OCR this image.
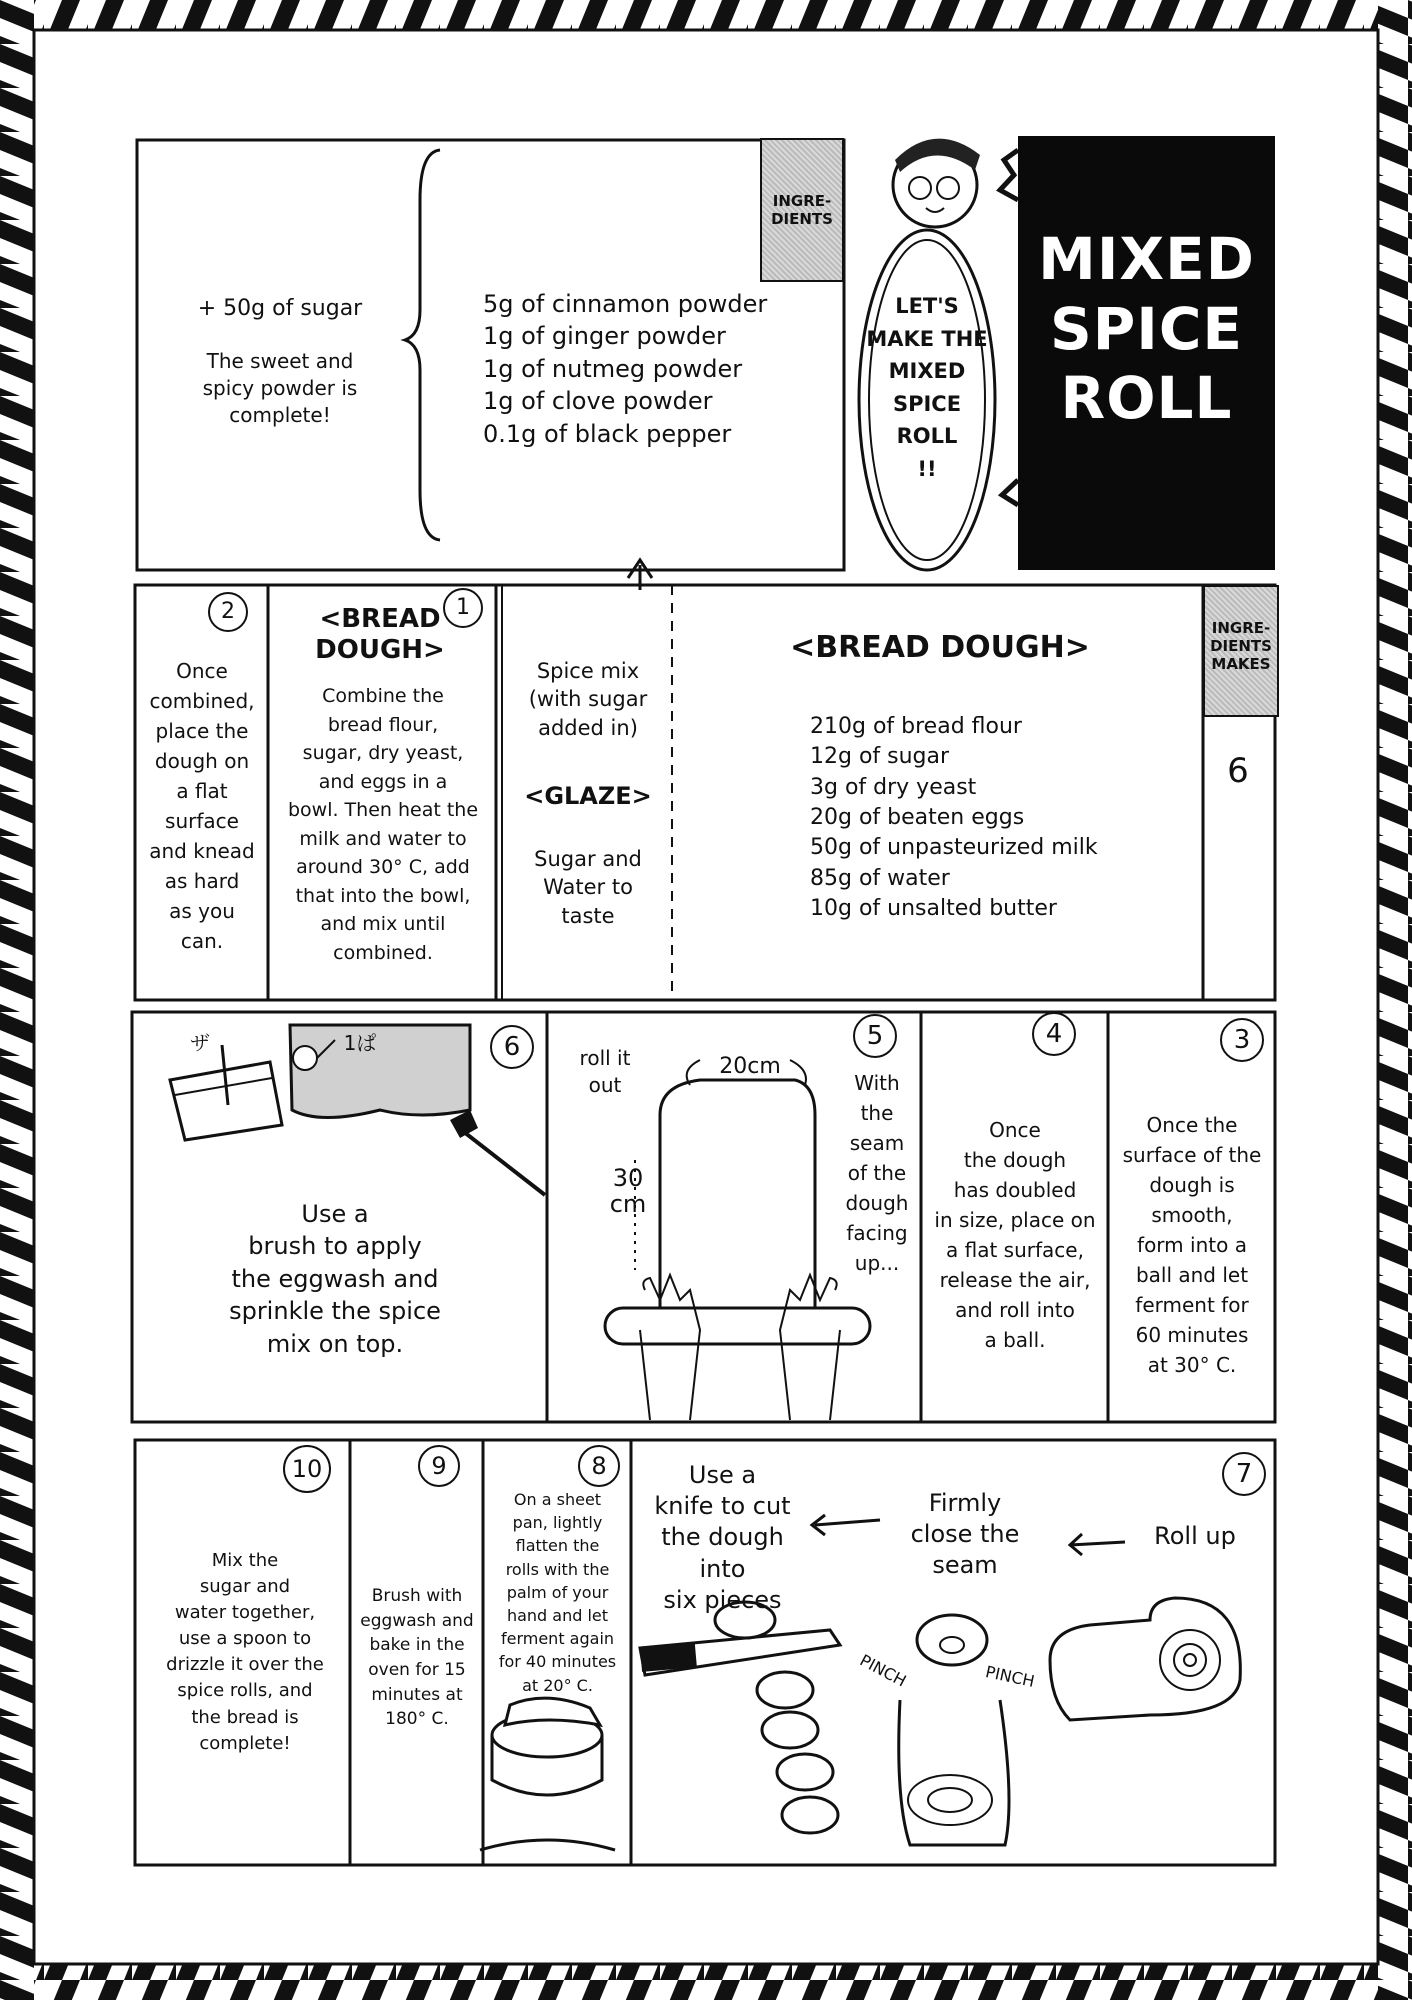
MIXED
SPICE
ROLL
LET'S
MAKE THE
MIXED
SPICE
ROLL
!!
INGRE-
DIENTS
5g of cinnamon powder
1g of ginger powder
1g of nutmeg powder
1g of clove powder
0.1g of black pepper
+ 50g of sugar
The sweet and
spicy powder is
complete!
INGRE-
DIENTS
MAKES
6
<BREAD DOUGH>
210g of bread flour
12g of sugar
3g of dry yeast
20g of beaten eggs
50g of unpasteurized milk
85g of water
10g of unsalted butter
Spice mix
(with sugar
added in)
<GLAZE>
Sugar and
Water to
taste
1
<BREAD
DOUGH>
Combine the
bread flour,
sugar, dry yeast,
and eggs in a
bowl. Then heat the
milk and water to
around 30° C, add
that into the bowl,
and mix until
combined.
2
Once
combined,
place the
dough on
a flat
surface
and knead
as hard
as you
can.
3
Once the
surface of the
dough is smooth,
form into a
ball and let
ferment for
60 minutes
at 30° C.
4
Once
the dough
has doubled
in size, place on
a flat surface,
release the air,
and roll into
a ball.
5
With
the
seam
of the
dough
facing
up...
roll it
out
20cm
30
cm
6
Use a
brush to apply
the eggwash and
sprinkle the spice
mix on top.
ザ	1ぱ
7
Roll up
Firmly
close the
seam
Use a
knife to cut
the dough into
six pieces
PINCH	PINCH
8
On a sheet
pan, lightly
flatten the
rolls with the
palm of your
hand and let
ferment again
for 40 minutes
at 20° C.
9
Brush with
eggwash and
bake in the
oven for 15
minutes at
180° C.
10
Mix the
sugar and
water together,
use a spoon to
drizzle it over the
spice rolls, and
the bread is
complete!
